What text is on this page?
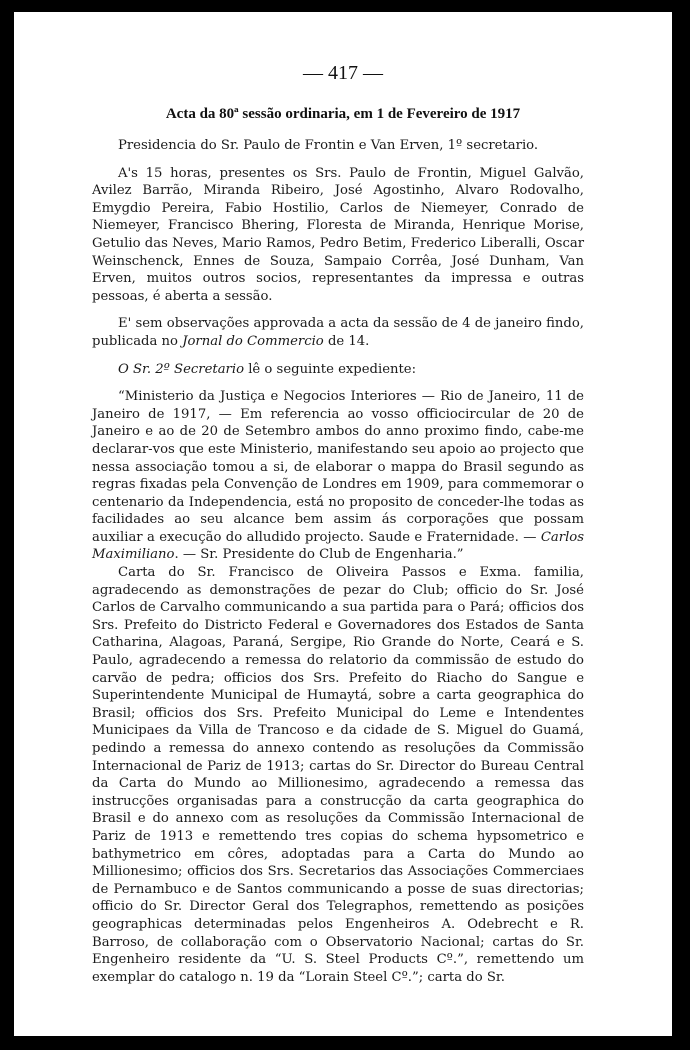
— 417 —
Acta da 80ª sessão ordinaria, em 1 de Fevereiro de 1917

Presidencia do Sr. Paulo de Frontin e Van Erven, 1º secretario.

A's 15 horas, presentes os Srs. Paulo de Frontin, Miguel Galvão, Avilez Barrão, Miranda Ribeiro, José Agostinho, Alvaro Rodovalho, Emygdio Pereira, Fabio Hostilio, Carlos de Niemeyer, Conrado de Niemeyer, Francisco Bhering, Floresta de Miranda, Henrique Morise, Getulio das Neves, Mario Ramos, Pedro Betim, Frederico Liberalli, Oscar Weinschenck, Ennes de Souza, Sampaio Corrêa, José Dunham, Van Erven, muitos outros socios, representantes da impressa e outras pessoas, é aberta a sessão.

E' sem observações approvada a acta da sessão de 4 de janeiro findo, publicada no Jornal do Commercio de 14.

O Sr. 2º Secretario lê o seguinte expediente:

“Ministerio da Justiça e Negocios Interiores — Rio de Janeiro, 11 de Janeiro de 1917, — Em referencia ao vosso officiocircular de 20 de Janeiro e ao de 20 de Setembro ambos do anno proximo findo, cabe-me declarar-vos que este Ministerio, manifestando seu apoio ao projecto que nessa associação tomou a si, de elaborar o mappa do Brasil segundo as regras fixadas pela Convenção de Londres em 1909, para commemorar o centenario da Independencia, está no proposito de conceder-lhe todas as facilidades ao seu alcance bem assim ás corporações que possam auxiliar a execução do alludido projecto. Saude e Fraternidade. — Carlos Maximiliano. — Sr. Presidente do Club de Engenharia.”

Carta do Sr. Francisco de Oliveira Passos e Exma. familia, agradecendo as demonstrações de pezar do Club; officio do Sr. José Carlos de Carvalho communicando a sua partida para o Pará; officios dos Srs. Prefeito do Districto Federal e Governadores dos Estados de Santa Catharina, Alagoas, Paraná, Sergipe, Rio Grande do Norte, Ceará e S. Paulo, agradecendo a remessa do relatorio da commissão de estudo do carvão de pedra; officios dos Srs. Prefeito do Riacho do Sangue e Superintendente Municipal de Humaytá, sobre a carta geographica do Brasil; officios dos Srs. Prefeito Municipal do Leme e Intendentes Municipaes da Villa de Trancoso e da cidade de S. Miguel do Guamá, pedindo a remessa do annexo contendo as resoluções da Commissão Internacional de Pariz de 1913; cartas do Sr. Director do Bureau Central da Carta do Mundo ao Millionesimo, agradecendo a remessa das instrucções organisadas para a construcção da carta geographica do Brasil e do annexo com as resoluções da Commissão Internacional de Pariz de 1913 e remettendo tres copias do schema hypsometrico e bathymetrico em côres, adoptadas para a Carta do Mundo ao Millionesimo; officios dos Srs. Secretarios das Associações Commerciaes de Pernambuco e de Santos communicando a posse de suas directorias; officio do Sr. Director Geral dos Telegraphos, remettendo as posições geographicas determinadas pelos Engenheiros A. Odebrecht e R. Barroso, de collaboração com o Observatorio Nacional; cartas do Sr. Engenheiro residente da “U. S. Steel Products Cº.”, remettendo um exemplar do catalogo n. 19 da “Lorain Steel Cº.”; carta do Sr.
